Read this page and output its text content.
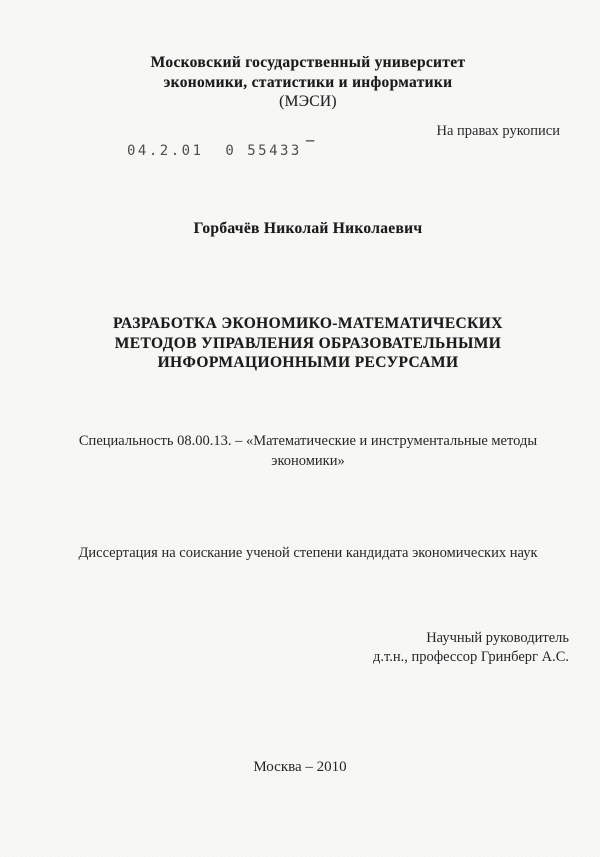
Московский государственный университет
экономики, статистики и информатики
(МЭСИ)
На правах рукописи
04.2.01  0 55433 ‾
Горбачёв Николай Николаевич
РАЗРАБОТКА ЭКОНОМИКО-МАТЕМАТИЧЕСКИХ
МЕТОДОВ УПРАВЛЕНИЯ ОБРАЗОВАТЕЛЬНЫМИ
ИНФОРМАЦИОННЫМИ РЕСУРСАМИ
Специальность 08.00.13. – «Математические и инструментальные методы
экономики»
Диссертация на соискание ученой степени кандидата экономических наук
Научный руководитель
д.т.н., профессор Гринберг А.С.
Москва – 2010
